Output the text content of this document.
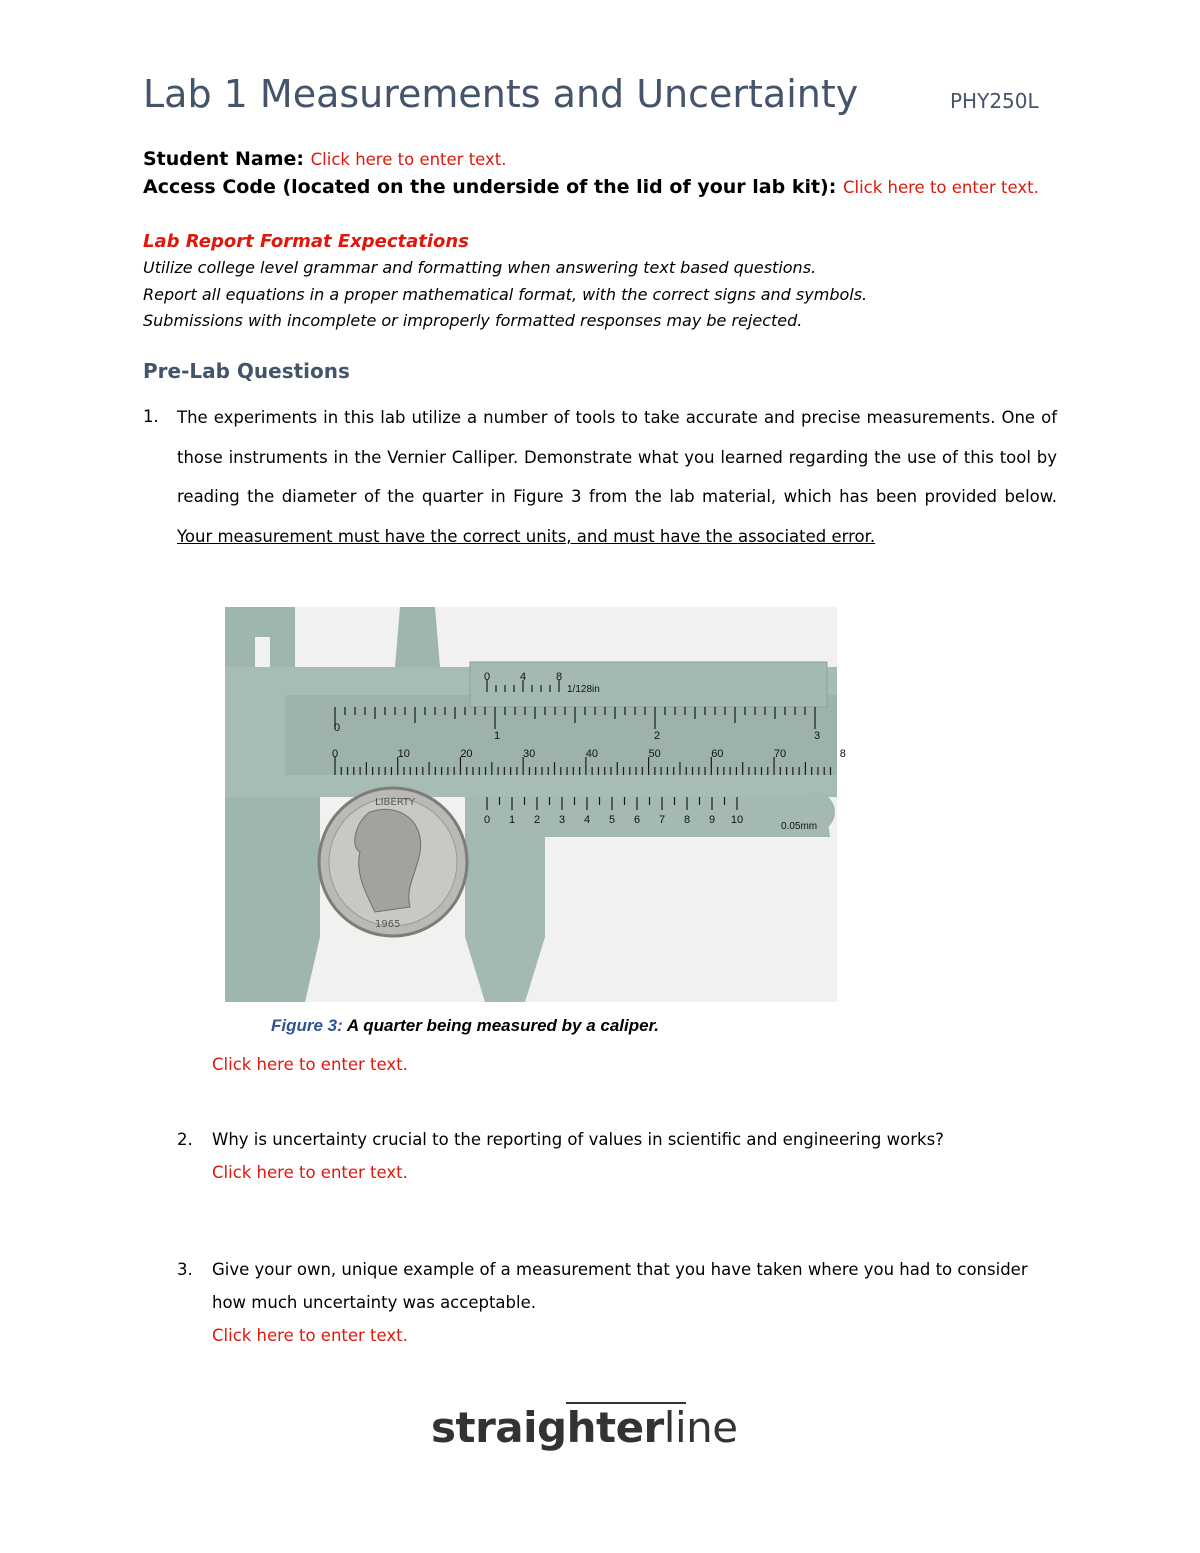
Lab 1 Measurements and Uncertainty	PHY250L
Student Name: Click here to enter text.
Access Code (located on the underside of the lid of your lab kit): Click here to enter text.
Lab Report Format Expectations
Utilize college level grammar and formatting when answering text based questions.
Report all equations in a proper mathematical format, with the correct signs and symbols.
Submissions with incomplete or improperly formatted responses may be rejected.
Pre-Lab Questions
1. The experiments in this lab utilize a number of tools to take accurate and precise measurements. One of those instruments in the Vernier Calliper. Demonstrate what you learned regarding the use of this tool by reading the diameter of the quarter in Figure 3 from the lab material, which has been provided below. Your measurement must have the correct units, and must have the associated error.
0
1	2	3
0	10	20	30	40	50	60	70	8
0	4	8
0 1 2 3 4 5 6 7 8 9 10
1/128in
0.05mm
LIBERTY
1965
Figure 3: A quarter being measured by a caliper.
Click here to enter text.
2. Why is uncertainty crucial to the reporting of values in scientific and engineering works?
Click here to enter text.
3. Give your own, unique example of a measurement that you have taken where you had to consider how much uncertainty was acceptable.
Click here to enter text.
straighterline
